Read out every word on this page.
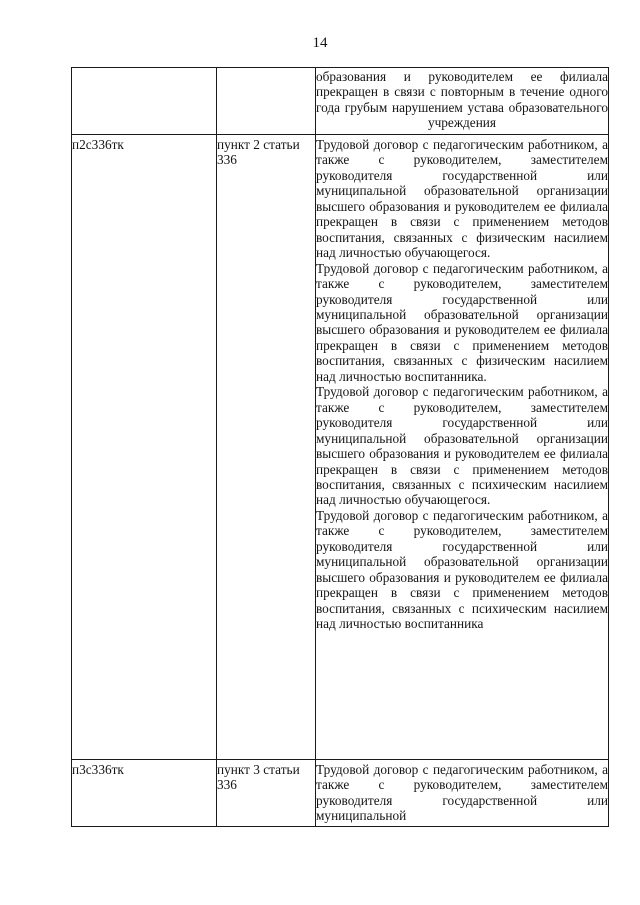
14

		образования и руководителем ее филиала прекращен в связи с повторным в течение одного года грубым нарушением устава образовательного учреждения

п2с336тк	пункт 2 статьи 336	Трудовой договор с педагогическим работником, а также с руководителем, заместителем руководителя государственной или муниципальной образовательной организации высшего образования и руководителем ее филиала прекращен в связи с применением методов воспитания, связанных с физическим насилием над личностью обучающегося.
Трудовой договор с педагогическим работником, а также с руководителем, заместителем руководителя государственной или муниципальной образовательной организации высшего образования и руководителем ее филиала прекращен в связи с применением методов воспитания, связанных с физическим насилием над личностью воспитанника.
Трудовой договор с педагогическим работником, а также с руководителем, заместителем руководителя государственной или муниципальной образовательной организации высшего образования и руководителем ее филиала прекращен в связи с применением методов воспитания, связанных с психическим насилием над личностью обучающегося.
Трудовой договор с педагогическим работником, а также с руководителем, заместителем руководителя государственной или муниципальной образовательной организации высшего образования и руководителем ее филиала прекращен в связи с применением методов воспитания, связанных с психическим насилием над личностью воспитанника

п3с336тк	пункт 3 статьи 336	Трудовой договор с педагогическим работником, а также с руководителем, заместителем руководителя государственной или муниципальной
